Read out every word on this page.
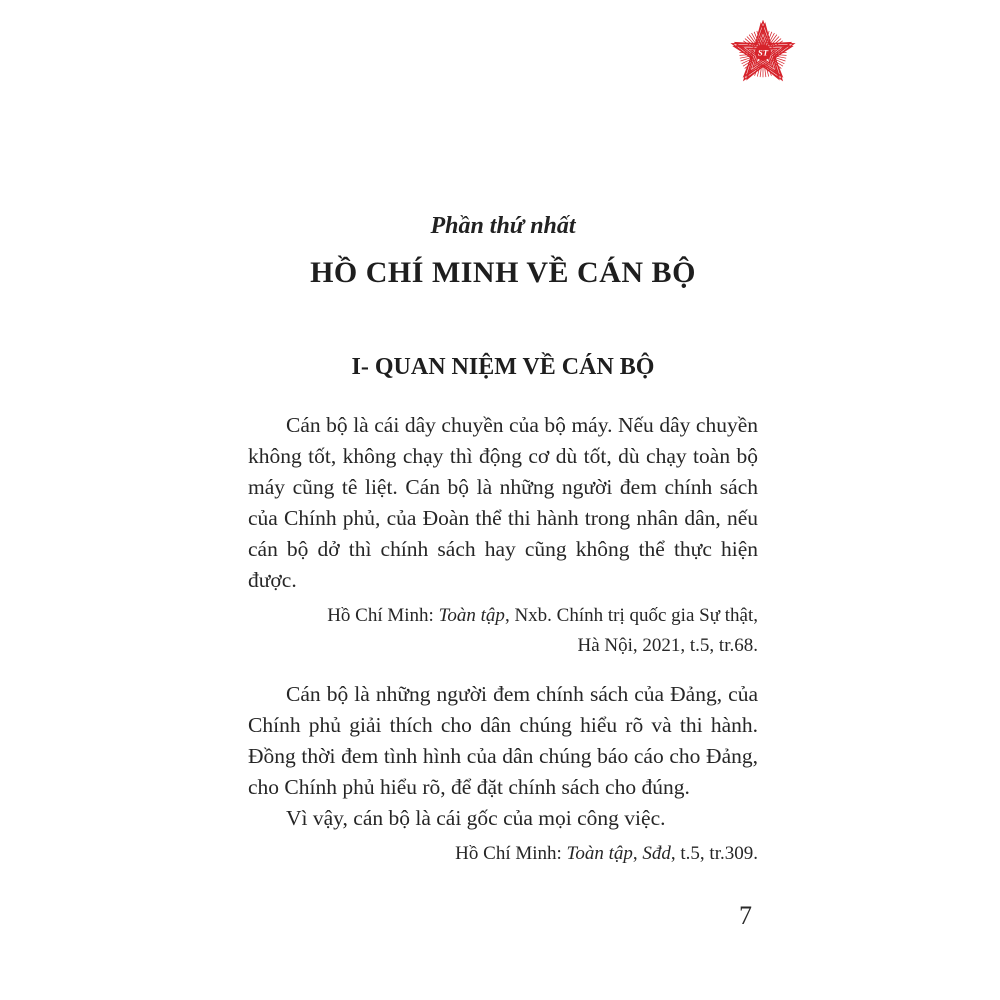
ST
Phần thứ nhất
HỒ CHÍ MINH VỀ CÁN BỘ
I- QUAN NIỆM VỀ CÁN BỘ

Cán bộ là cái dây chuyền của bộ máy. Nếu dây chuyền không tốt, không chạy thì động cơ dù tốt, dù chạy toàn bộ máy cũng tê liệt. Cán bộ là những người đem chính sách của Chính phủ, của Đoàn thể thi hành trong nhân dân, nếu cán bộ dở thì chính sách hay cũng không thể thực hiện được.

Hồ Chí Minh: Toàn tập, Nxb. Chính trị quốc gia Sự thật,
Hà Nội, 2021, t.5, tr.68.

Cán bộ là những người đem chính sách của Đảng, của Chính phủ giải thích cho dân chúng hiểu rõ và thi hành. Đồng thời đem tình hình của dân chúng báo cáo cho Đảng, cho Chính phủ hiểu rõ, để đặt chính sách cho đúng.

Vì vậy, cán bộ là cái gốc của mọi công việc.

Hồ Chí Minh: Toàn tập, Sđd, t.5, tr.309.
7
